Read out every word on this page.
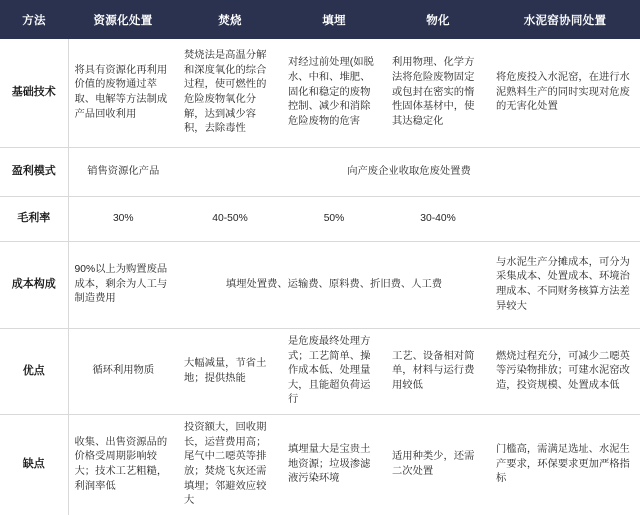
方法	资源化处置	焚烧	填埋	物化	水泥窑协同处置
基础技术	将具有资源化再利用价值的废物通过萃取、电解等方法制成产品回收利用	焚烧法是高温分解和深度氧化的综合过程，使可燃性的危险废物氧化分解，达到减少容积，去除毒性	对经过前处理(如脱水、中和、堆肥、固化和稳定的废物控制、减少和消除危险废物的危害	利用物理、化学方法将危险废物固定或包封在密实的惰性固体基材中，使其达稳定化	将危废投入水泥窑，在进行水泥熟料生产的同时实现对危废的无害化处置
盈利模式	销售资源化产品	向产废企业收取危废处置费			
毛利率	30%	40-50%	50%	30-40%	
成本构成	90%以上为购置废品成本，剩余为人工与制造费用	填埋处置费、运输费、原料费、折旧费、人工费			与水泥生产分摊成本，可分为采集成本、处置成本、环境治理成本、不同财务核算方法差异较大
优点	循环利用物质	大幅减量，节省土地；提供热能	是危废最终处理方式；工艺简单、操作成本低、处理量大，且能超负荷运行	工艺、设备相对简单，材料与运行费用较低	燃烧过程充分，可减少二噁英等污染物排放；可建水泥窑改造，投资规模、处置成本低
缺点	收集、出售资源品的价格受周期影响较大；技术工艺粗糙，利润率低	投资额大，回收期长，运营费用高；尾气中二噁英等排放；焚烧飞灰还需填埋；邻避效应较大	填埋量大是宝贵土地资源；垃圾渗滤液污染环境	适用种类少，还需二次处置	门槛高，需满足选址、水泥生产要求，环保要求更加严格指标
